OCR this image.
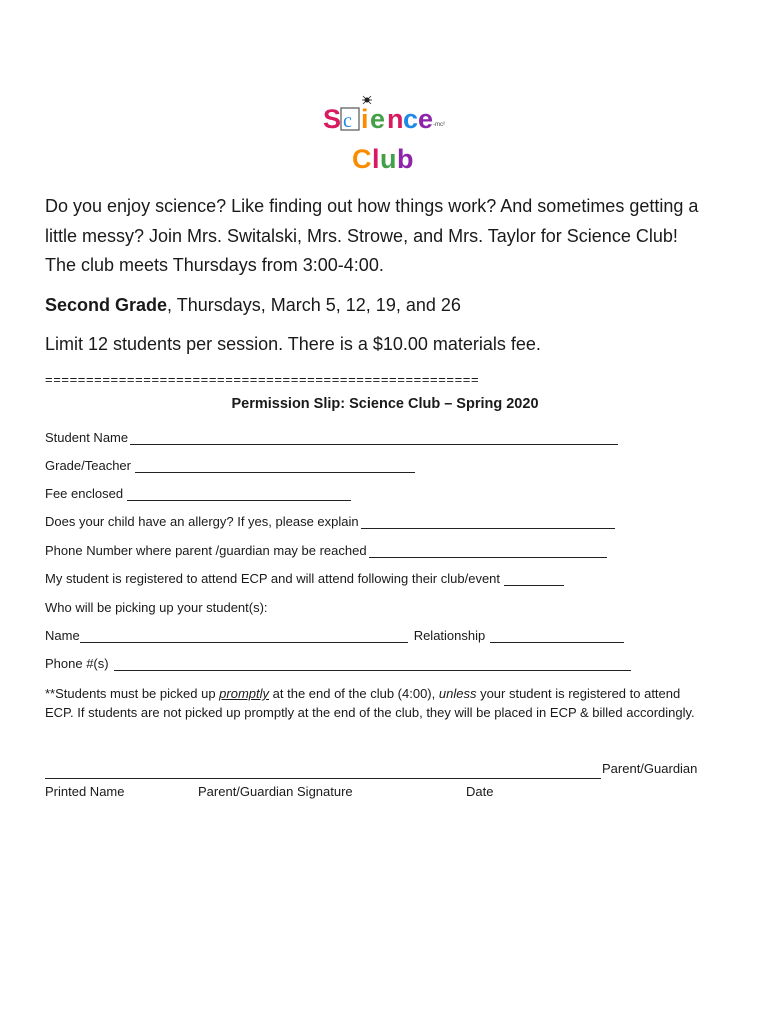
S c i e n c e -mc²
C l u b

Do you enjoy science? Like finding out how things work? And sometimes getting a

little messy? Join Mrs. Switalski, Mrs. Strowe, and Mrs. Taylor for Science Club!

The club meets Thursdays from 3:00-4:00.

Second Grade, Thursdays, March 5, 12, 19, and 26
Limit 12 students per session. There is a $10.00 materials fee.
=====================================================
Permission Slip: Science Club – Spring 2020
Student Name
Grade/Teacher
Fee enclosed
Does your child have an allergy? If yes, please explain
Phone Number where parent /guardian may be reached
My student is registered to attend ECP and will attend following their club/event
Who will be picking up your student(s):
Name	Relationship
Phone #(s)
**Students must be picked up promptly at the end of the club (4:00), unless your student is registered to attend ECP. If students are not picked up promptly at the end of the club, they will be placed in ECP & billed accordingly.
Parent/Guardian
Printed Name	Parent/Guardian Signature	Date
